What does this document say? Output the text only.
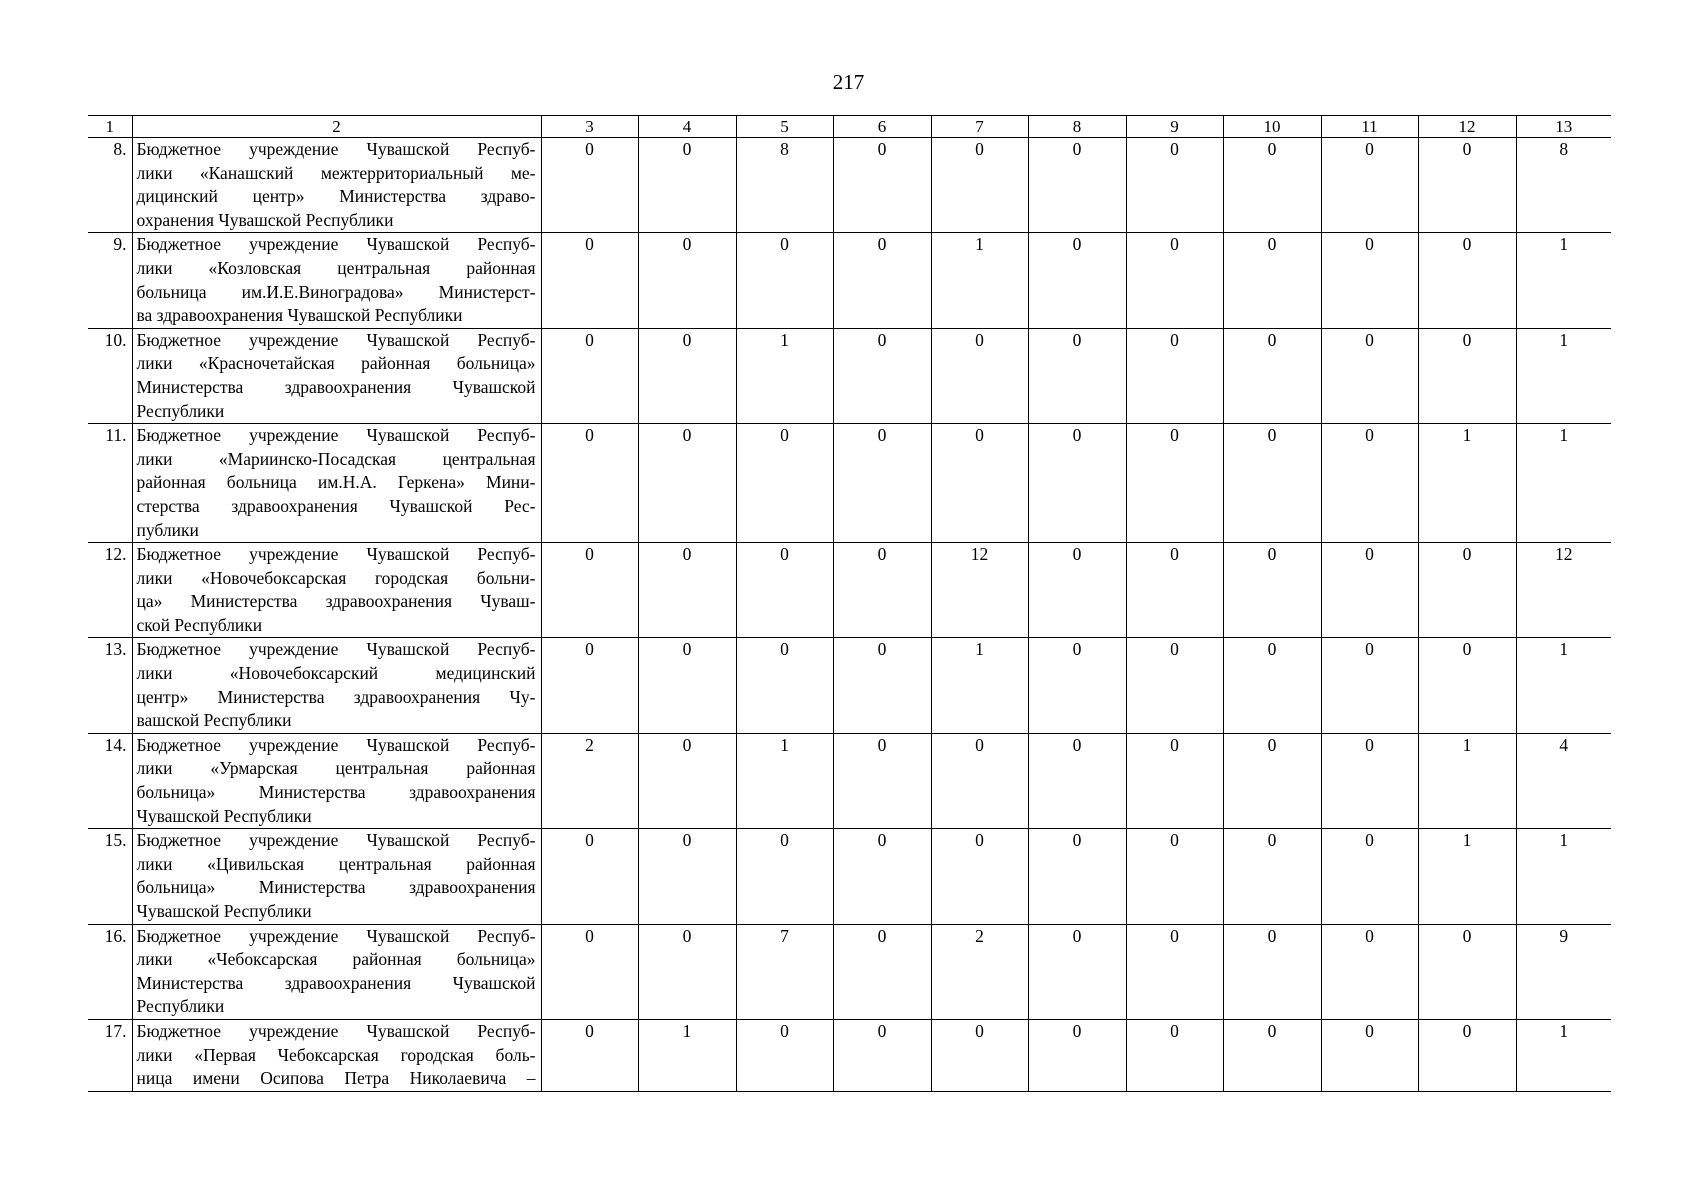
217
1	2	3	4	5	6	7	8	9	10	11	12	13
8.	Бюджетное учреждение Чувашской Респуб-
лики «Канашский межтерриториальный ме-
дицинский центр» Министерства здраво-
охранения Чувашской Республики	0	0	8	0	0	0	0	0	0	0	8
9.	Бюджетное учреждение Чувашской Респуб-
лики «Козловская центральная районная
больница им.И.Е.Виноградова» Министерст-
ва здравоохранения Чувашской Республики	0	0	0	0	1	0	0	0	0	0	1
10.	Бюджетное учреждение Чувашской Респуб-
лики «Красночетайская районная больница»
Министерства здравоохранения Чувашской
Республики	0	0	1	0	0	0	0	0	0	0	1
11.	Бюджетное учреждение Чувашской Респуб-
лики «Мариинско-Посадская центральная
районная больница им.Н.А. Геркена» Мини-
стерства здравоохранения Чувашской Рес-
публики	0	0	0	0	0	0	0	0	0	1	1
12.	Бюджетное учреждение Чувашской Респуб-
лики «Новочебоксарская городская больни-
ца» Министерства здравоохранения Чуваш-
ской Республики	0	0	0	0	12	0	0	0	0	0	12
13.	Бюджетное учреждение Чувашской Респуб-
лики «Новочебоксарский медицинский
центр» Министерства здравоохранения Чу-
вашской Республики	0	0	0	0	1	0	0	0	0	0	1
14.	Бюджетное учреждение Чувашской Респуб-
лики «Урмарская центральная районная
больница» Министерства здравоохранения
Чувашской Республики	2	0	1	0	0	0	0	0	0	1	4
15.	Бюджетное учреждение Чувашской Респуб-
лики «Цивильская центральная районная
больница» Министерства здравоохранения
Чувашской Республики	0	0	0	0	0	0	0	0	0	1	1
16.	Бюджетное учреждение Чувашской Респуб-
лики «Чебоксарская районная больница»
Министерства здравоохранения Чувашской
Республики	0	0	7	0	2	0	0	0	0	0	9
17.	Бюджетное учреждение Чувашской Респуб-
лики «Первая Чебоксарская городская боль-
ница имени Осипова Петра Николаевича –	0	1	0	0	0	0	0	0	0	0	1
